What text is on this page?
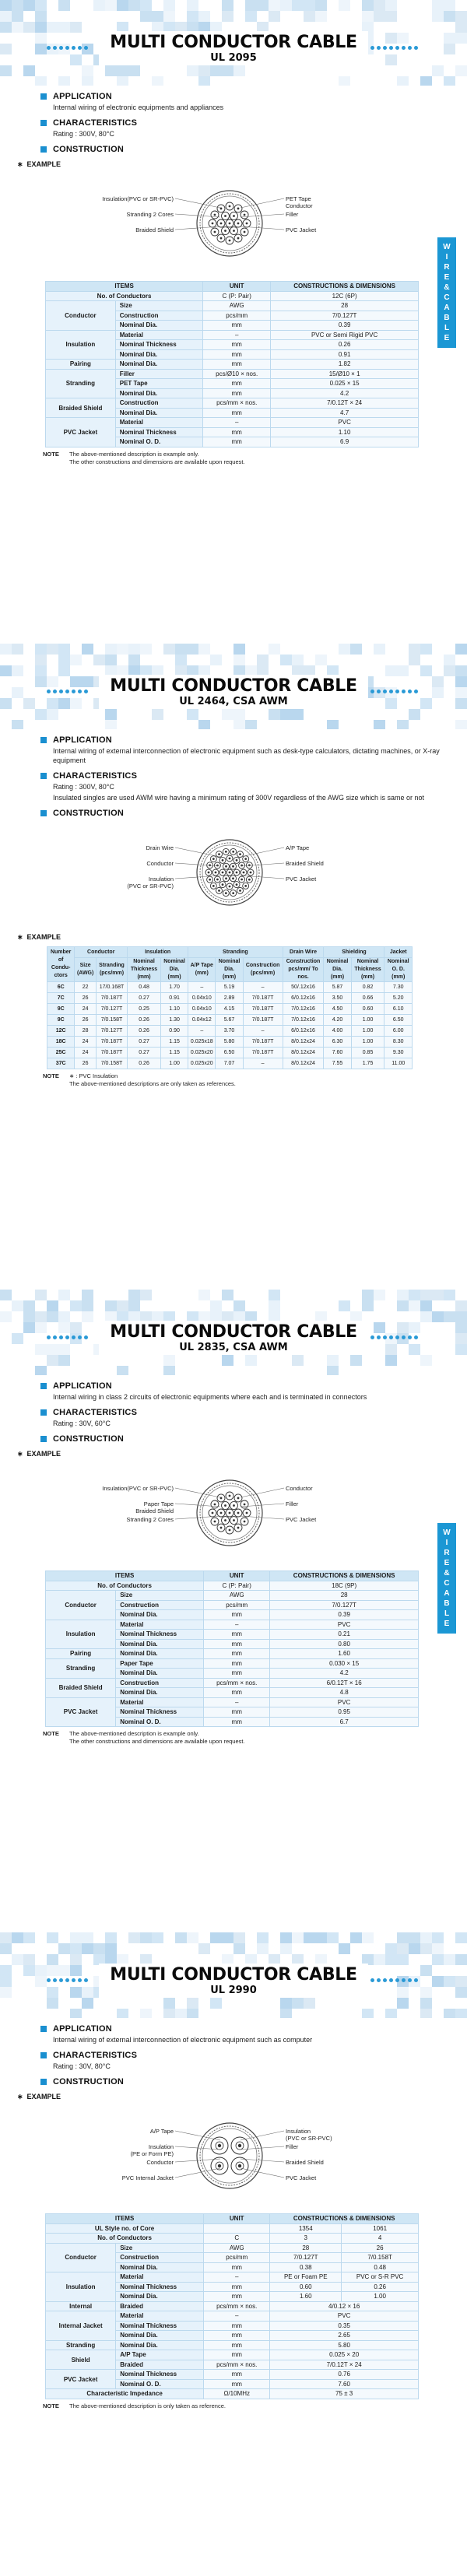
MULTI CONDUCTOR CABLE
UL 2095
APPLICATION
Internal wiring of electronic equipments and appliances
CHARACTERISTICS
Rating : 300V, 80°C
CONSTRUCTION
∗ EXAMPLE
Insulation(PVC or SR-PVC)
Stranding 2 Cores
Braided Shield
PET Tape
Conductor
Filler
PVC Jacket
ITEMS		UNIT	CONSTRUCTIONS & DIMENSIONS
No. of Conductors		C (P: Pair)	12C (6P)
Conductor	Size	AWG	28
	Construction	pcs/mm	7/0.127T
	Nominal Dia.	mm	0.39
Insulation	Material	–	PVC or Semi Rigid PVC
	Nominal Thickness	mm	0.26
	Nominal Dia.	mm	0.91
Pairing	Nominal Dia.	mm	1.82
Stranding	Filler	pcs/Ø10 × nos.	15/Ø10 × 1
	PET Tape	mm	0.025 × 15
	Nominal Dia.	mm	4.2
Braided Shield	Construction	pcs/mm × nos.	7/0.12T × 24
	Nominal Dia.	mm	4.7
PVC Jacket	Material	–	PVC
	Nominal Thickness	mm	1.10
	Nominal O. D.	mm	6.9
NOTE	The above-mentioned description is example only.
The other constructions and dimensions are available upon request.
W
I
R
E
&
C
A
B
L
E
MULTI CONDUCTOR CABLE
UL 2464, CSA AWM
APPLICATION
Internal wiring of external interconnection of electronic equipment such as desk-type calculators, dictating machines, or X-ray equipment
CHARACTERISTICS
Rating : 300V, 80°C
Insulated singles are used AWM wire having a minimum rating of 300V regardless of the AWG size which is same or not
CONSTRUCTION
Drain Wire
Conductor
Insulation
(PVC or SR-PVC)
A/P Tape
Braided Shield
PVC Jacket
∗ EXAMPLE
Number of Condu-ctors	Conductor		Insulation		Stranding			Drain Wire	Shielding		Jacket
	Size (AWG)	Stranding (pcs/mm)	Nominal Thickness (mm)	Nominal Dia. (mm)	A/P Tape (mm)	Nominal Dia. (mm)	Construction (pcs/mm)	Construction pcs/mm/ To nos.	Nominal Dia. (mm)	Nominal Thickness (mm)	Nominal O. D. (mm)
6C	22	17/0.168T	0.48	1.70	–	5.19	–	50/.12x16	5.87	0.82	7.30
7C	26	7/0.187T	0.27	0.91	0.04x10	2.89	7/0.187T	6/0.12x16	3.50	0.66	5.20
9C	24	7/0.127T	0.25	1.10	0.04x10	4.15	7/0.187T	7/0.12x16	4.50	0.60	6.10
9C	26	7/0.158T	0.26	1.30	0.04x12	5.67	7/0.187T	7/0.12x16	4.20	1.00	6.50
12C	28	7/0.127T	0.26	0.90	–	3.70	–	6/0.12x16	4.00	1.00	6.00
18C	24	7/0.187T	0.27	1.15	0.025x18	5.80	7/0.187T	8/0.12x24	6.30	1.00	8.30
25C	24	7/0.187T	0.27	1.15	0.025x20	6.50	7/0.187T	8/0.12x24	7.60	0.85	9.30
37C	26	7/0.158T	0.26	1.00	0.025x20	7.07	–	8/0.12x24	7.55	1.75	11.00
NOTE	∗ : PVC Insulation
The above-mentioned descriptions are only taken as references.
MULTI CONDUCTOR CABLE
UL 2835, CSA AWM
APPLICATION
Internal wiring in class 2 circuits of electronic equipments where each and is terminated in connectors
CHARACTERISTICS
Rating : 30V, 60°C
CONSTRUCTION
∗ EXAMPLE
Insulation(PVC or SR-PVC)
Paper Tape
Braided Shield
Stranding 2 Cores
Conductor
Filler
PVC Jacket
ITEMS		UNIT	CONSTRUCTIONS & DIMENSIONS
No. of Conductors		C (P: Pair)	18C (9P)
Conductor	Size	AWG	28
	Construction	pcs/mm	7/0.127T
	Nominal Dia.	mm	0.39
Insulation	Material	–	PVC
	Nominal Thickness	mm	0.21
	Nominal Dia.	mm	0.80
Pairing	Nominal Dia.	mm	1.60
Stranding	Paper Tape	mm	0.030 × 15
	Nominal Dia.	mm	4.2
Braided Shield	Construction	pcs/mm × nos.	6/0.12T × 16
	Nominal Dia.	mm	4.8
PVC Jacket	Material	–	PVC
	Nominal Thickness	mm	0.95
	Nominal O. D.	mm	6.7
NOTE	The above-mentioned description is example only.
The other constructions and dimensions are available upon request.
W
I
R
E
&
C
A
B
L
E
MULTI CONDUCTOR CABLE
UL 2990
APPLICATION
Internal wiring of external interconnection of electronic equipment such as computer
CHARACTERISTICS
Rating : 30V, 80°C
CONSTRUCTION
∗ EXAMPLE
A/P Tape
Insulation
(PE or Form PE)
Conductor
PVC Internal Jacket
Insulation
(PVC or SR-PVC)
Filler
Braided Shield
PVC Jacket
ITEMS		UNIT	CONSTRUCTIONS & DIMENSIONS	
UL Style no. of Core			1354	1061
No. of Conductors		C	3	4
Conductor	Size	AWG	28	26
	Construction	pcs/mm	7/0.127T	7/0.158T
	Nominal Dia.	mm	0.38	0.48
Insulation	Material	–	PE or Foam PE	PVC or S-R PVC
	Nominal Thickness	mm	0.60	0.26
	Nominal Dia.	mm	1.60	1.00
Internal	Braided	pcs/mm × nos.	4/0.12 × 16	
Internal Jacket	Material	–	PVC	
	Nominal Thickness	mm	0.35	
	Nominal Dia.	mm	2.65	
Stranding	Nominal Dia.	mm	5.80	
Shield	A/P Tape	mm	0.025 × 20	
	Braided	pcs/mm × nos.	7/0.12T × 24	
PVC Jacket	Nominal Thickness	mm	0.76	
	Nominal O. D.	mm	7.60	
Characteristic Impedance		Ω/10MHz	75 ± 3	
NOTE	The above-mentioned description is only taken as reference.
